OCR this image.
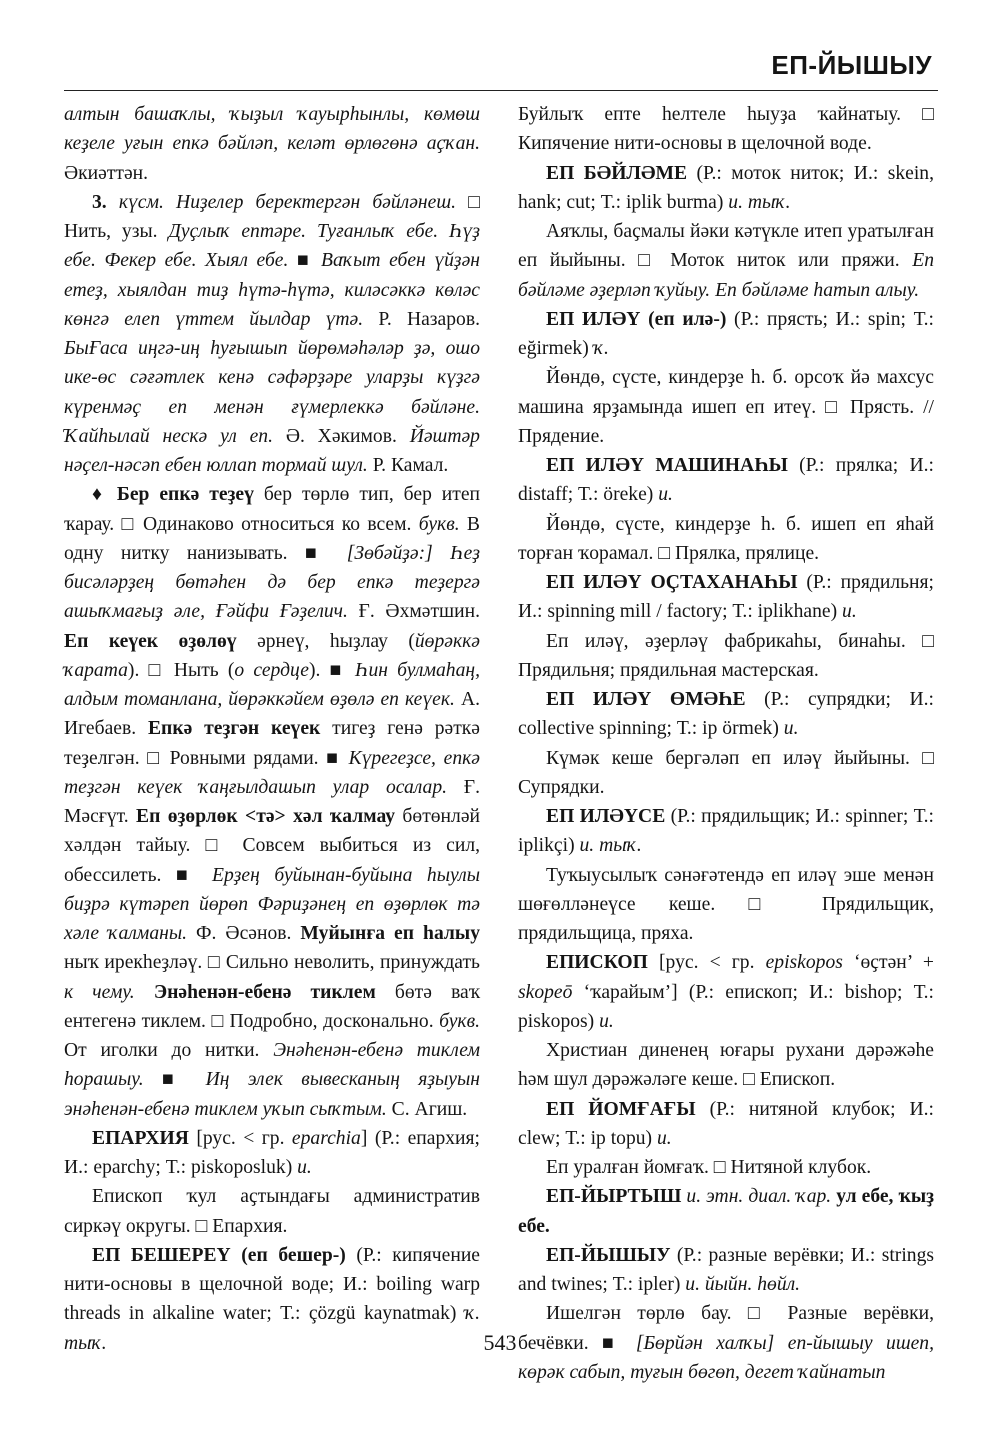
ЕП-ЙЫШЫУ

алтын башаҡлы, ҡыҙыл ҡауырһынлы, көмөш кеҙеле уғын епкә бәйләп, келәт өрлөгөнә аҫҡан. Әкиәттән.

3. күсм. Ниҙелер беректергән бәйләнеш. □ Нить, узы. Дуҫлыҡ ептәре. Туғанлыҡ ебе. Һүҙ ебе. Фекер ебе. Хыял ебе. ■ Ваҡыт ебен үйҙән етеҙ, хыялдан тиҙ һүтә-һүтә, киләсәккә көләс көнгә елеп үттем йылдар үтә. Р. Назаров. БыҒаса иңгә-иң һуғышып йөрөмәһәләр ҙә, ошо ике-өс сәғәтлек кенә сәфәрҙәре уларҙы күҙгә күренмәҫ еп менән ғүмерлеккә бәйләне. Ҡайһылай нескә ул еп. Ә. Хәкимов. Йәштәр нәҫел-нәсәп ебен юллап тормай шул. Р. Камал.

♦ Бер епкә теҙеү бер төрлө тип, бер итеп ҡарау. □ Одинаково относиться ко всем. букв. В одну нитку нанизывать. ■ [Зөбәйҙә:] Һеҙ бисәләрҙең бөтәһен дә бер епкә теҙергә ашыҡмағыҙ әле, Ғәйфи Ғәҙелич. Ғ. Әхмәтшин. Еп кеүек өҙөлөү әрнеү, һыҙлау (йөрәккә ҡарата). □ Ныть (о сердце). ■ Һин булмаһаң, алдым томанлана, йөрәккәйем өҙөлә еп кеүек. А. Игебаев. Епкә теҙгән кеүек тигеҙ генә рәткә теҙелгән. □ Ровными рядами. ■ Күрегеҙсе, епкә теҙгән кеүек ҡаңғылдашып улар осалар. Ғ. Мәсғүт. Еп өҙөрлөк <тә> хәл ҡалмау бөтөнләй хәлдән тайыу. □ Совсем выбиться из сил, обессилеть. ■ Ерҙең буйынан-буйына һыулы биҙрә күтәреп йөрөп Фәриҙәнең еп өҙөрлөк тә хәле ҡалманы. Ф. Әсәнов. Муйынға еп һалыу ныҡ ирекһеҙләү. □ Сильно неволить, принуждать к чему. Энәһенән-ебенә тиклем бөтә ваҡ ентегенә тиклем. □ Подробно, досконально. букв. От иголки до нитки. Энәһенән-ебенә тиклем һорашыу. ■ Иң элек вывесканың яҙыуын энәһенән-ебенә тиклем уҡып сыҡтым. С. Агиш.

ЕПАРХИЯ [рус. < гр. eparchia] (Р.: епархия; И.: eparchy; Т.: piskoposluk) и.

Епископ ҡул аҫтындағы административ сиркәү округы. □ Епархия.

ЕП БЕШЕРЕҮ (еп бешер-) (Р.: кипячение нити-основы в щелочной воде; И.: boiling warp threads in alkaline water; Т.: çözgü kaynatmak) ҡ. тыҡ.

Буйлыҡ епте һелтеле һыуҙа ҡайнатыу. □ Кипячение нити-основы в щелочной воде.

ЕП БӘЙЛӘМЕ (Р.: моток ниток; И.: skein, hank; cut; Т.: iplik burma) и. тыҡ.

Аяҡлы, баҫмалы йәки кәтүкле итеп уратылған еп йыйыны. □ Моток ниток или пряжи. Еп бәйләме әҙерләп ҡуйыу. Еп бәйләме һатып алыу.

ЕП ИЛӘҮ (еп илә-) (Р.: прясть; И.: spin; Т.: eğirmek) ҡ.

Йөндө, сүсте, киндерҙе һ. б. орсоҡ йә махсус машина ярҙамында ишеп еп итеү. □ Прясть. // Прядение.

ЕП ИЛӘҮ МАШИНАҺЫ (Р.: прялка; И.: distaff; Т.: öreke) и.

Йөндө, сүсте, киндерҙе һ. б. ишеп еп яһай торған ҡорамал. □ Прялка, прялице.

ЕП ИЛӘҮ ОҪТАХАНАҺЫ (Р.: прядильня; И.: spinning mill / factory; Т.: iplikhane) и.

Еп иләү, әҙерләү фабрикаһы, бинаһы. □ Прядильня; прядильная мастерская.

ЕП ИЛӘҮ ӨМӘҺЕ (Р.: супрядки; И.: collective spinning; Т.: ip örmek) и.

Күмәк кеше бергәләп еп иләү йыйыны. □ Супрядки.

ЕП ИЛӘҮСЕ (Р.: прядильщик; И.: spinner; Т.: iplikçi) и. тыҡ.

Туҡыусылыҡ сәнәғәтендә еп иләү эше менән шөғөлләнеүсе кеше. □ Прядильщик, прядильщица, пряха.

ЕПИСКОП [рус. < гр. episkopos ‘өҫтән’ + skopeō ‘ҡарайым’] (Р.: епископ; И.: bishop; Т.: piskopos) и.

Христиан диненең юғары рухани дәрәжәһе һәм шул дәрәжәләге кеше. □ Епископ.

ЕП ЙОМҒАҒЫ (Р.: нитяной клубок; И.: clew; Т.: ip topu) и.

Еп уралған йомғаҡ. □ Нитяной клубок.

ЕП-ЙЫРТЫШ и. этн. диал. ҡар. ул ебе, ҡыҙ ебе.

ЕП-ЙЫШЫУ (Р.: разные верёвки; И.: strings and twines; Т.: ipler) и. йыйн. һөйл.

Ишелгән төрлө бау. □ Разные верёвки, бечёвки. ■ [Бөрйән халҡы] еп-йышыу ишеп, көрәк сабып, туғын бөгөп, дегет ҡайнатып

543
